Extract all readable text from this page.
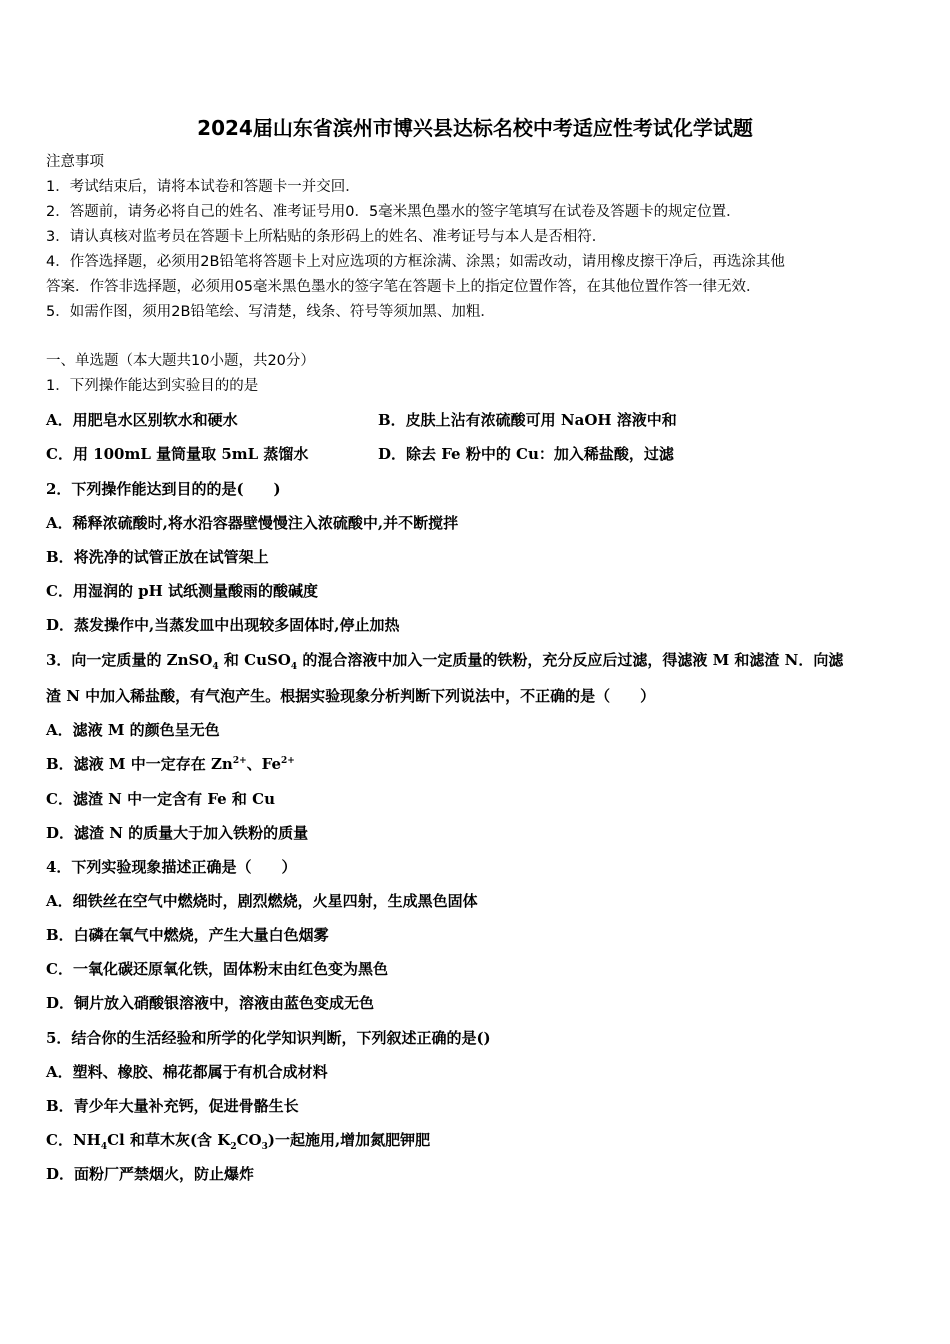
2024届山东省滨州市博兴县达标名校中考适应性考试化学试题
注意事项
1．考试结束后，请将本试卷和答题卡一并交回．
2．答题前，请务必将自己的姓名、准考证号用0．5毫米黑色墨水的签字笔填写在试卷及答题卡的规定位置．
3．请认真核对监考员在答题卡上所粘贴的条形码上的姓名、准考证号与本人是否相符．
4．作答选择题，必须用2B铅笔将答题卡上对应选项的方框涂满、涂黑；如需改动，请用橡皮擦干净后，再选涂其他
答案．作答非选择题，必须用05毫米黑色墨水的签字笔在答题卡上的指定位置作答，在其他位置作答一律无效．
5．如需作图，须用2B铅笔绘、写清楚，线条、符号等须加黑、加粗．
一、单选题（本大题共10小题，共20分）
1．下列操作能达到实验目的的是
A．用肥皂水区别软水和硬水	B．皮肤上沾有浓硫酸可用 NaOH 溶液中和
C．用 100mL 量筒量取 5mL 蒸馏水	D．除去 Fe 粉中的 Cu：加入稀盐酸，过滤
2．下列操作能达到目的的是(　　)
A．稀释浓硫酸时,将水沿容器壁慢慢注入浓硫酸中,并不断搅拌
B．将洗净的试管正放在试管架上
C．用湿润的 pH 试纸测量酸雨的酸碱度
D．蒸发操作中,当蒸发皿中出现较多固体时,停止加热
3．向一定质量的 ZnSO$_4$ 和 CuSO$_4$ 的混合溶液中加入一定质量的铁粉，充分反应后过滤，得滤液 M 和滤渣 N．向滤
渣 N 中加入稀盐酸，有气泡产生。根据实验现象分析判断下列说法中，不正确的是（　　）
A．滤液 M 的颜色呈无色
B．滤液 M 中一定存在 $Zn^{2+}$、$Fe^{2+}$
C．滤渣 N 中一定含有 Fe 和 Cu
D．滤渣 N 的质量大于加入铁粉的质量
4．下列实验现象描述正确是（　　）
A．细铁丝在空气中燃烧时，剧烈燃烧，火星四射，生成黑色固体
B．白磷在氧气中燃烧，产生大量白色烟雾
C．一氧化碳还原氧化铁，固体粉末由红色变为黑色
D．铜片放入硝酸银溶液中，溶液由蓝色变成无色
5．结合你的生活经验和所学的化学知识判断，下列叙述正确的是()
A．塑料、橡胶、棉花都属于有机合成材料
B．青少年大量补充钙，促进骨骼生长
C．$NH_4Cl$ 和草木灰(含 $K_2CO_3$)一起施用,增加氮肥钾肥
D．面粉厂严禁烟火，防止爆炸
